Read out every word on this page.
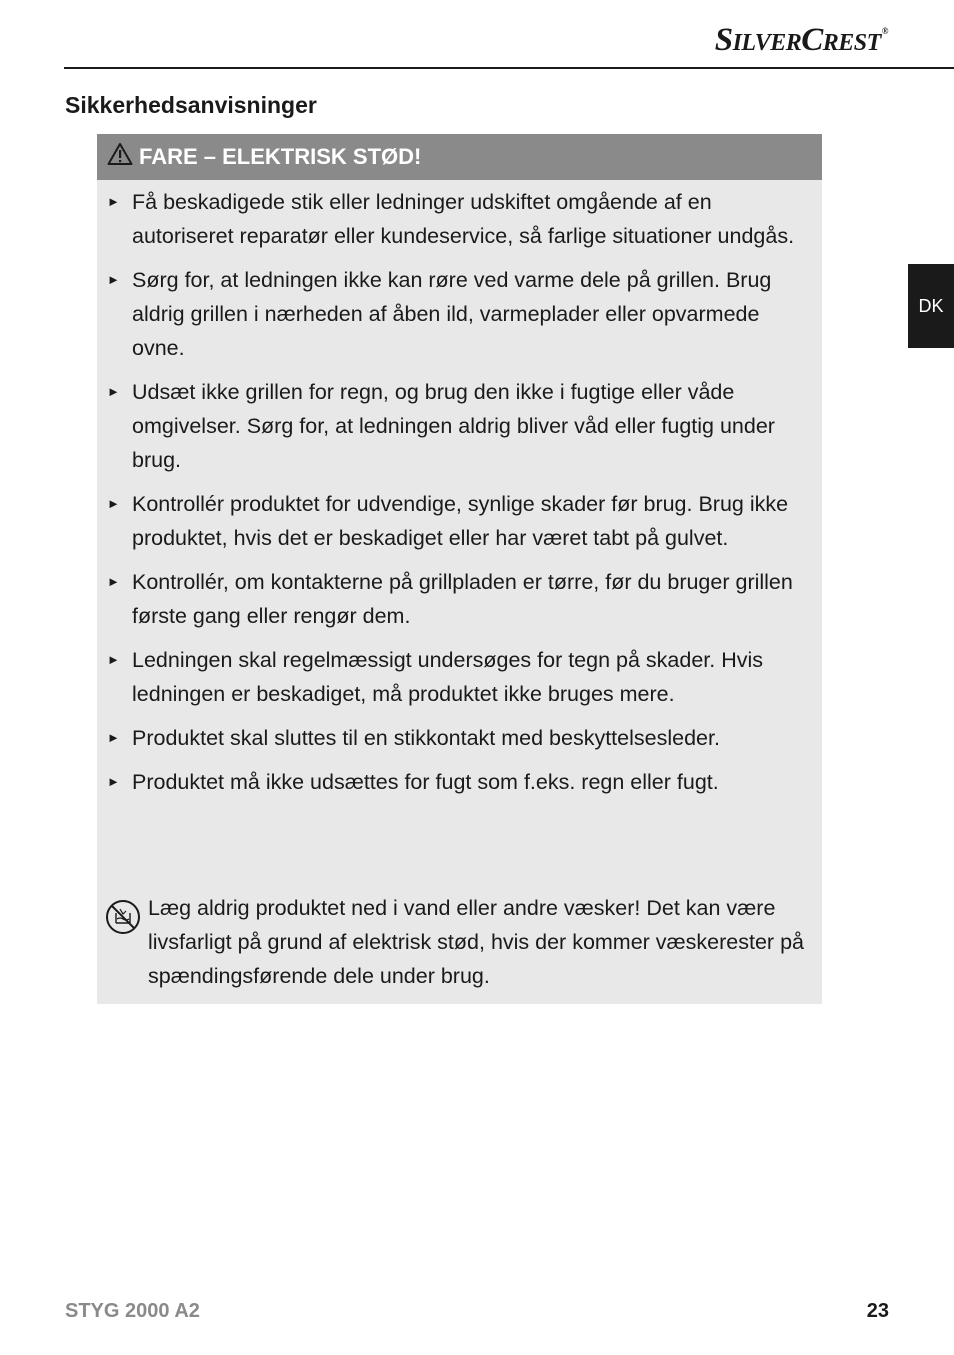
SILVERCREST®
Sikkerhedsanvisninger
DK
FARE – ELEKTRISK STØD!
► Få beskadigede stik eller ledninger udskiftet omgående af en autoriseret reparatør eller kundeservice, så farlige situationer undgås.
► Sørg for, at ledningen ikke kan røre ved varme dele på grillen. Brug aldrig grillen i nærheden af åben ild, varmeplader eller opvarmede ovne.
► Udsæt ikke grillen for regn, og brug den ikke i fugtige eller våde omgivelser. Sørg for, at ledningen aldrig bliver våd eller fugtig under brug.
► Kontrollér produktet for udvendige, synlige skader før brug. Brug ikke produktet, hvis det er beskadiget eller har været tabt på gulvet.
► Kontrollér, om kontakterne på grillpladen er tørre, før du bruger grillen første gang eller rengør dem.
► Ledningen skal regelmæssigt undersøges for tegn på skader. Hvis ledningen er beskadiget, må produktet ikke bruges mere.
► Produktet skal sluttes til en stikkontakt med beskyttelsesleder.
► Produktet må ikke udsættes for fugt som f.eks. regn eller fugt.
Læg aldrig produktet ned i vand eller andre væsker! Det kan være livsfarligt på grund af elektrisk stød, hvis der kommer væskerester på spændingsførende dele under brug.
STYG 2000 A2	23
